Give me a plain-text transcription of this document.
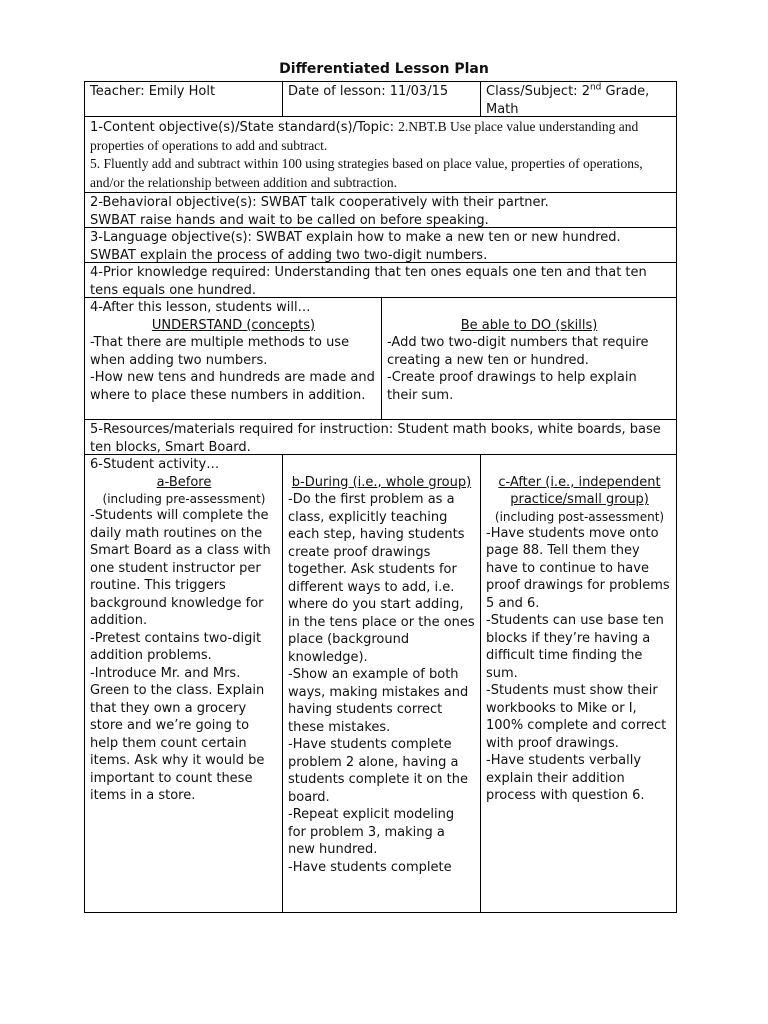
Differentiated Lesson Plan
Teacher: Emily Holt	Date of lesson: 11/03/15	Class/Subject: 2nd Grade, Math

1-Content objective(s)/State standard(s)/Topic: 2.NBT.B Use place value understanding and properties of operations to add and subtract.

5. Fluently add and subtract within 100 using strategies based on place value, properties of operations, and/or the relationship between addition and subtraction.

2-Behavioral objective(s): SWBAT talk cooperatively with their partner.

SWBAT raise hands and wait to be called on before speaking.

3-Language objective(s): SWBAT explain how to make a new ten or new hundred.

SWBAT explain the process of adding two two-digit numbers.

4-Prior knowledge required: Understanding that ten ones equals one ten and that ten tens equals one hundred.

4-After this lesson, students will…

UNDERSTAND (concepts)

-That there are multiple methods to use when adding two numbers.

-How new tens and hundreds are made and where to place these numbers in addition.

Be able to DO (skills)

-Add two two-digit numbers that require creating a new ten or hundred.

-Create proof drawings to help explain their sum.

5-Resources/materials required for instruction: Student math books, white boards, base ten blocks, Smart Board.

6-Student activity…

a-Before

(including pre-assessment)

-Students will complete the daily math routines on the Smart Board as a class with one student instructor per routine. This triggers background knowledge for addition.

-Pretest contains two-digit addition problems.

-Introduce Mr. and Mrs. Green to the class. Explain that they own a grocery store and we’re going to help them count certain items. Ask why it would be important to count these items in a store.

b-During (i.e., whole group)

-Do the first problem as a class, explicitly teaching each step, having students create proof drawings together. Ask students for different ways to add, i.e. where do you start adding, in the tens place or the ones place (background knowledge).

-Show an example of both ways, making mistakes and having students correct these mistakes.

-Have students complete problem 2 alone, having a students complete it on the board.

-Repeat explicit modeling for problem 3, making a new hundred.

-Have students complete

c-After (i.e., independent practice/small group)

(including post-assessment)

-Have students move onto page 88. Tell them they have to continue to have proof drawings for problems 5 and 6.

-Students can use base ten blocks if they’re having a difficult time finding the sum.

-Students must show their workbooks to Mike or I, 100% complete and correct with proof drawings.

-Have students verbally explain their addition process with question 6.
